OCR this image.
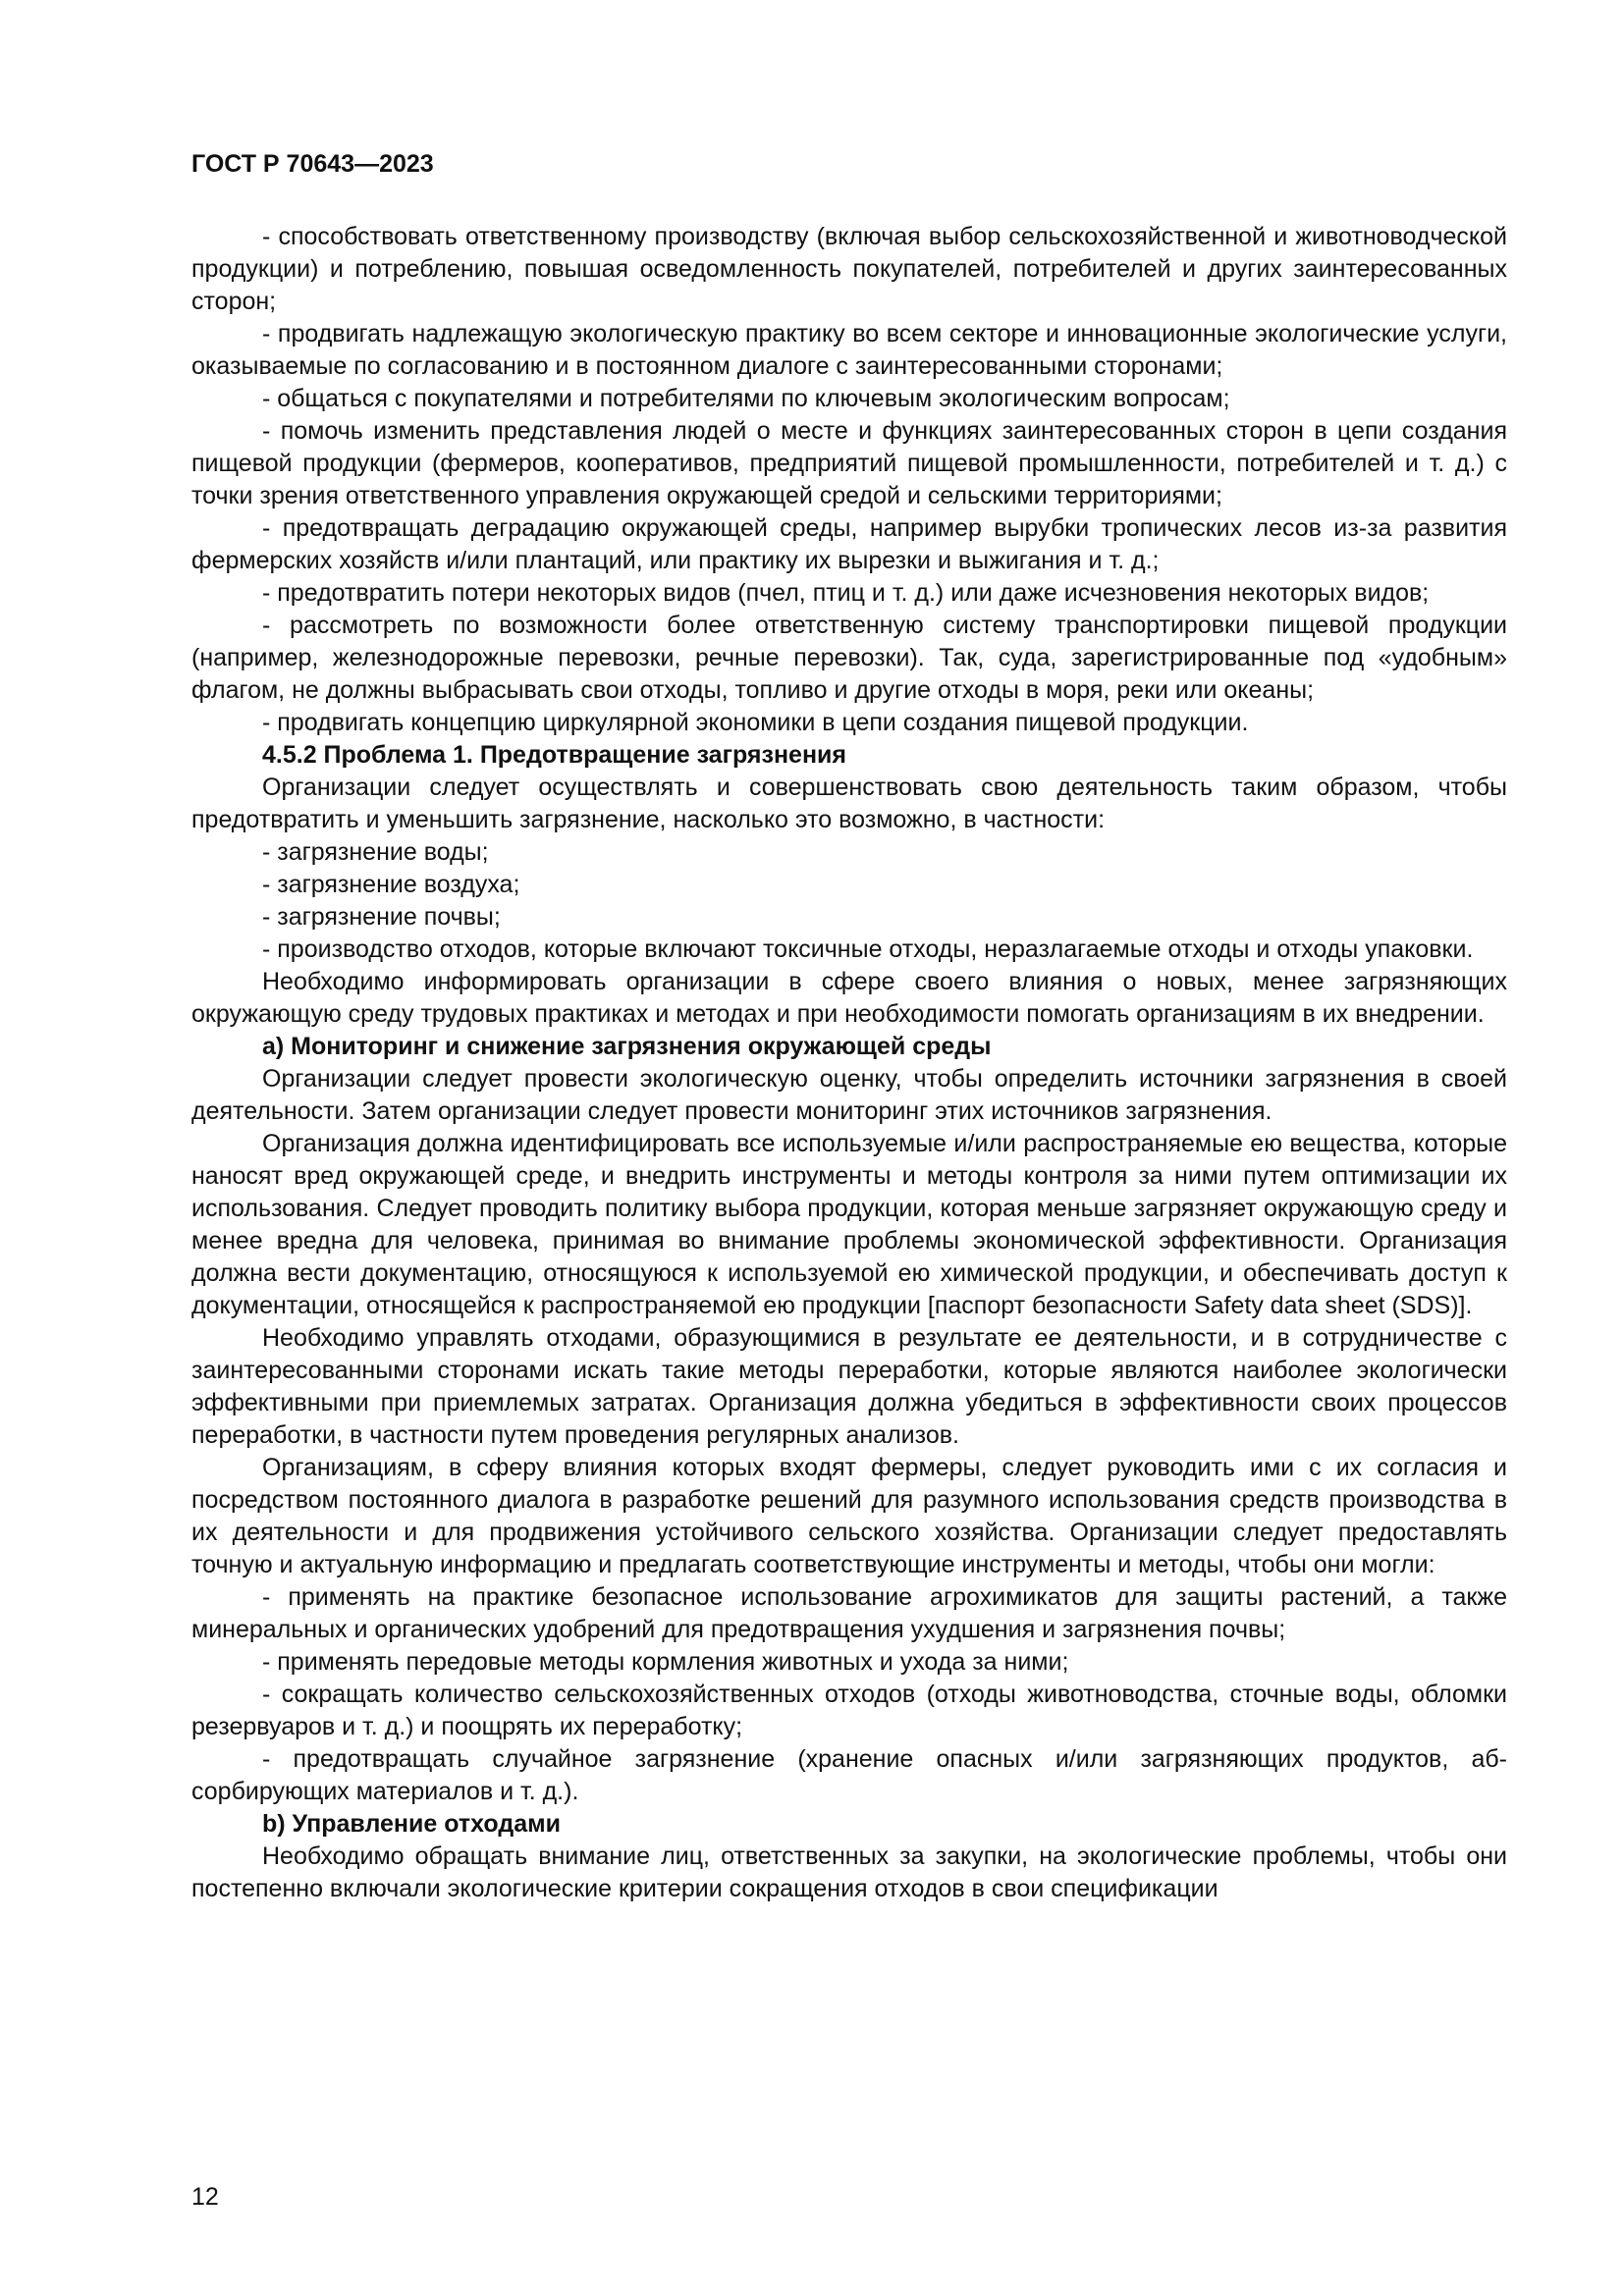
ГОСТ Р 70643—2023

- способствовать ответственному производству (включая выбор сельскохозяйственной и животноводческой продукции) и потреблению, повышая осведомленность покупателей, потребителей и других заинтересованных сторон;

- продвигать надлежащую экологическую практику во всем секторе и инновационные экологические услуги, оказываемые по согласованию и в постоянном диалоге с заинтересованными сторонами;

- общаться с покупателями и потребителями по ключевым экологическим вопросам;

- помочь изменить представления людей о месте и функциях заинтересованных сторон в цепи создания пищевой продукции (фермеров, кооперативов, предприятий пищевой промышленности, потребителей и т. д.) с точки зрения ответственного управления окружающей средой и сельскими территориями;

- предотвращать деградацию окружающей среды, например вырубки тропических лесов из-за развития фермерских хозяйств и/или плантаций, или практику их вырезки и выжигания и т. д.;

- предотвратить потери некоторых видов (пчел, птиц и т. д.) или даже исчезновения некоторых видов;

- рассмотреть по возможности более ответственную систему транспортировки пищевой продукции (например, железнодорожные перевозки, речные перевозки). Так, суда, зарегистрированные под «удобным» флагом, не должны выбрасывать свои отходы, топливо и другие отходы в моря, реки или океаны;

- продвигать концепцию циркулярной экономики в цепи создания пищевой продукции.

4.5.2 Проблема 1. Предотвращение загрязнения

Организации следует осуществлять и совершенствовать свою деятельность таким образом, чтобы предотвратить и уменьшить загрязнение, насколько это возможно, в частности:

- загрязнение воды;

- загрязнение воздуха;

- загрязнение почвы;

- производство отходов, которые включают токсичные отходы, неразлагаемые отходы и отходы упаковки.

Необходимо информировать организации в сфере своего влияния о новых, менее загрязняющих окружающую среду трудовых практиках и методах и при необходимости помогать организациям в их внедрении.

а) Мониторинг и снижение загрязнения окружающей среды

Организации следует провести экологическую оценку, чтобы определить источники загрязнения в своей деятельности. Затем организации следует провести мониторинг этих источников загрязнения.

Организация должна идентифицировать все используемые и/или распространяемые ею вещества, которые наносят вред окружающей среде, и внедрить инструменты и методы контроля за ними путем оптимизации их использования. Следует проводить политику выбора продукции, которая меньше загрязняет окружающую среду и менее вредна для человека, принимая во внимание проблемы экономической эффективности. Организация должна вести документацию, относящуюся к используемой ею химической продукции, и обеспечивать доступ к документации, относящейся к распространяемой ею продукции [паспорт безопасности Safety data sheet (SDS)].

Необходимо управлять отходами, образующимися в результате ее деятельности, и в сотрудничестве с заинтересованными сторонами искать такие методы переработки, которые являются наиболее экологически эффективными при приемлемых затратах. Организация должна убедиться в эффективности своих процессов переработки, в частности путем проведения регулярных анализов.

Организациям, в сферу влияния которых входят фермеры, следует руководить ими с их согласия и посредством постоянного диалога в разработке решений для разумного использования средств производства в их деятельности и для продвижения устойчивого сельского хозяйства. Организации следует предоставлять точную и актуальную информацию и предлагать соответствующие инструменты и методы, чтобы они могли:

- применять на практике безопасное использование агрохимикатов для защиты растений, а также минеральных и органических удобрений для предотвращения ухудшения и загрязнения почвы;

- применять передовые методы кормления животных и ухода за ними;

- сокращать количество сельскохозяйственных отходов (отходы животноводства, сточные воды, обломки резервуаров и т. д.) и поощрять их переработку;

- предотвращать случайное загрязнение (хранение опасных и/или загрязняющих продуктов, абсорбирующих материалов и т. д.).

b) Управление отходами

Необходимо обращать внимание лиц, ответственных за закупки, на экологические проблемы, чтобы они постепенно включали экологические критерии сокращения отходов в свои спецификации

12
